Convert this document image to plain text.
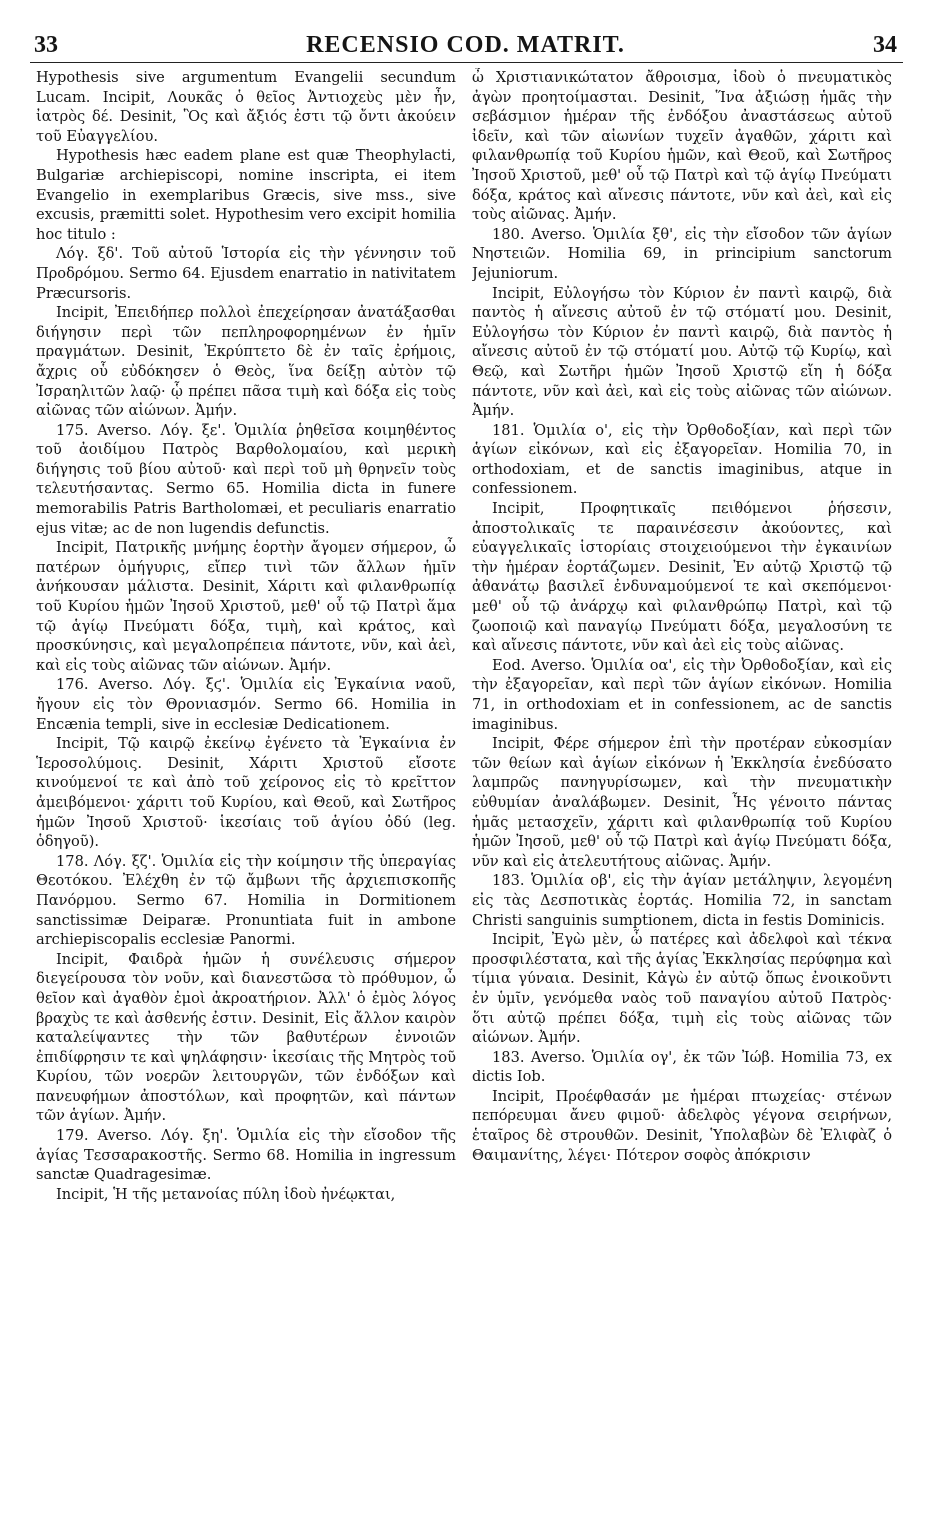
33	RECENSIO COD. MATRIT.	34

Hypothesis sive argumentum Evangelii secundum Lucam. Incipit, Λουκᾶς ὁ θεῖος Ἀντιοχεὺς μὲν ἦν, ἰατρὸς δέ. Desinit, Ὃς καὶ ἄξιός ἐστι τῷ ὄντι ἀκούειν τοῦ Εὐαγγελίου.

Hypothesis hæc eadem plane est quæ Theophylacti, Bulgariæ archiepiscopi, nomine inscripta, ei item Evangelio in exemplaribus Græcis, sive mss., sive excusis, præmitti solet. Hypothesim vero excipit homilia hoc titulo :

Λόγ. ξδ'. Τοῦ αὐτοῦ Ἱστορία εἰς τὴν γέννησιν τοῦ Προδρόμου. Sermo 64. Ejusdem enarratio in nativitatem Præcursoris.

Incipit, Ἐπειδήπερ πολλοὶ ἐπεχείρησαν ἀνατάξασθαι διήγησιν περὶ τῶν πεπληροφορημένων ἐν ἡμῖν πραγμάτων. Desinit, Ἐκρύπτετο δὲ ἐν ταῖς ἐρήμοις, ἄχρις οὗ εὐδόκησεν ὁ Θεὸς, ἵνα δείξῃ αὐτὸν τῷ Ἰσραηλιτῶν λαῷ· ᾧ πρέπει πᾶσα τιμὴ καὶ δόξα εἰς τοὺς αἰῶνας τῶν αἰώνων. Ἀμήν.

175. Averso. Λόγ. ξε'. Ὁμιλία ῥηθεῖσα κοιμηθέντος τοῦ ἀοιδίμου Πατρὸς Βαρθολομαίου, καὶ μερικὴ διήγησις τοῦ βίου αὐτοῦ· καὶ περὶ τοῦ μὴ θρηνεῖν τοὺς τελευτήσαντας. Sermo 65. Homilia dicta in funere memorabilis Patris Bartholomæi, et peculiaris enarratio ejus vitæ; ac de non lugendis defunctis.

Incipit, Πατρικῆς μνήμης ἑορτὴν ἄγομεν σήμερον, ὦ πατέρων ὁμήγυρις, εἴπερ τινὶ τῶν ἄλλων ἡμῖν ἀνήκουσαν μάλιστα. Desinit, Χάριτι καὶ φιλανθρωπίᾳ τοῦ Κυρίου ἡμῶν Ἰησοῦ Χριστοῦ, μεθ' οὗ τῷ Πατρὶ ἅμα τῷ ἁγίῳ Πνεύματι δόξα, τιμὴ, καὶ κράτος, καὶ προσκύνησις, καὶ μεγαλοπρέπεια πάντοτε, νῦν, καὶ ἀεὶ, καὶ εἰς τοὺς αἰῶνας τῶν αἰώνων. Ἀμήν.

176. Averso. Λόγ. ξϛ'. Ὁμιλία εἰς Ἐγκαίνια ναοῦ, ἤγουν εἰς τὸν Θρονιασμόν. Sermo 66. Homilia in Encænia templi, sive in ecclesiæ Dedicationem.

Incipit, Τῷ καιρῷ ἐκείνῳ ἐγένετο τὰ Ἐγκαίνια ἐν Ἱεροσολύμοις. Desinit, Χάριτι Χριστοῦ εἴσοτε κινούμενοί τε καὶ ἀπὸ τοῦ χείρονος εἰς τὸ κρεῖττον ἀμειβόμενοι· χάριτι τοῦ Κυρίου, καὶ Θεοῦ, καὶ Σωτῆρος ἡμῶν Ἰησοῦ Χριστοῦ· ἱκεσίαις τοῦ ἁγίου ὀδύ (leg. ὁδηγοῦ).

178. Λόγ. ξζ'. Ὁμιλία εἰς τὴν κοίμησιν τῆς ὑπεραγίας Θεοτόκου. Ἐλέχθη ἐν τῷ ἄμβωνι τῆς ἀρχιεπισκοπῆς Πανόρμου. Sermo 67. Homilia in Dormitionem sanctissimæ Deiparæ. Pronuntiata fuit in ambone archiepiscopalis ecclesiæ Panormi.

Incipit, Φαιδρὰ ἡμῶν ἡ συνέλευσις σήμερον διεγείρουσα τὸν νοῦν, καὶ διανεστῶσα τὸ πρόθυμον, ὦ θεῖον καὶ ἀγαθὸν ἐμοὶ ἀκροατήριον. Ἀλλ' ὁ ἐμὸς λόγος βραχὺς τε καὶ ἀσθενής ἐστιν. Desinit, Εἰς ἄλλον καιρὸν καταλείψαντες τὴν τῶν βαθυτέρων ἐννοιῶν ἐπιδίφρησιν τε καὶ ψηλάφησιν· ἱκεσίαις τῆς Μητρὸς τοῦ Κυρίου, τῶν νοερῶν λειτουργῶν, τῶν ἐνδόξων καὶ πανευφήμων ἀποστόλων, καὶ προφητῶν, καὶ πάντων τῶν ἁγίων. Ἀμήν.

179. Averso. Λόγ. ξη'. Ὁμιλία εἰς τὴν εἴσοδον τῆς ἁγίας Τεσσαρακοστῆς. Sermo 68. Homilia in ingressum sanctæ Quadragesimæ.

Incipit, Ἡ τῆς μετανοίας πύλη ἰδοὺ ἠνέῳκται,

ὦ Χριστιανικώτατον ἄθροισμα, ἰδοὺ ὁ πνευματικὸς ἀγὼν προητοίμασται. Desinit, Ἵνα ἀξιώσῃ ἡμᾶς τὴν σεβάσμιον ἡμέραν τῆς ἐνδόξου ἀναστάσεως αὐτοῦ ἰδεῖν, καὶ τῶν αἰωνίων τυχεῖν ἀγαθῶν, χάριτι καὶ φιλανθρωπίᾳ τοῦ Κυρίου ἡμῶν, καὶ Θεοῦ, καὶ Σωτῆρος Ἰησοῦ Χριστοῦ, μεθ' οὗ τῷ Πατρὶ καὶ τῷ ἁγίῳ Πνεύματι δόξα, κράτος καὶ αἴνεσις πάντοτε, νῦν καὶ ἀεὶ, καὶ εἰς τοὺς αἰῶνας. Ἀμήν.

180. Averso. Ὁμιλία ξθ', εἰς τὴν εἴσοδον τῶν ἁγίων Νηστειῶν. Homilia 69, in principium sanctorum Jejuniorum.

Incipit, Εὐλογήσω τὸν Κύριον ἐν παντὶ καιρῷ, διὰ παντὸς ἡ αἴνεσις αὐτοῦ ἐν τῷ στόματί μου. Desinit, Εὐλογήσω τὸν Κύριον ἐν παντὶ καιρῷ, διὰ παντὸς ἡ αἴνεσις αὐτοῦ ἐν τῷ στόματί μου. Αὐτῷ τῷ Κυρίῳ, καὶ Θεῷ, καὶ Σωτῆρι ἡμῶν Ἰησοῦ Χριστῷ εἴη ἡ δόξα πάντοτε, νῦν καὶ ἀεὶ, καὶ εἰς τοὺς αἰῶνας τῶν αἰώνων. Ἀμήν.

181. Ὁμιλία ο', εἰς τὴν Ὀρθοδοξίαν, καὶ περὶ τῶν ἁγίων εἰκόνων, καὶ εἰς ἐξαγορεῖαν. Homilia 70, in orthodoxiam, et de sanctis imaginibus, atque in confessionem.

Incipit, Προφητικαῖς πειθόμενοι ῥήσεσιν, ἀποστολικαῖς τε παραινέσεσιν ἀκούοντες, καὶ εὐαγγελικαῖς ἱστορίαις στοιχειούμενοι τὴν ἐγκαινίων τὴν ἡμέραν ἑορτάζωμεν. Desinit, Ἐν αὐτῷ Χριστῷ τῷ ἀθανάτῳ βασιλεῖ ἐνδυναμούμενοί τε καὶ σκεπόμενοι· μεθ' οὗ τῷ ἀνάρχῳ καὶ φιλανθρώπῳ Πατρὶ, καὶ τῷ ζωοποιῷ καὶ παναγίῳ Πνεύματι δόξα, μεγαλοσύνη τε καὶ αἴνεσις πάντοτε, νῦν καὶ ἀεὶ εἰς τοὺς αἰῶνας.

Eod. Averso. Ὁμιλία οα', εἰς τὴν Ὀρθοδοξίαν, καὶ εἰς τὴν ἐξαγορεῖαν, καὶ περὶ τῶν ἁγίων εἰκόνων. Homilia 71, in orthodoxiam et in confessionem, ac de sanctis imaginibus.

Incipit, Φέρε σήμερον ἐπὶ τὴν προτέραν εὐκοσμίαν τῶν θείων καὶ ἁγίων εἰκόνων ἡ Ἐκκλησία ἐνεδύσατο λαμπρῶς πανηγυρίσωμεν, καὶ τὴν πνευματικὴν εὐθυμίαν ἀναλάβωμεν. Desinit, Ἧς γένοιτο πάντας ἡμᾶς μετασχεῖν, χάριτι καὶ φιλανθρωπίᾳ τοῦ Κυρίου ἡμῶν Ἰησοῦ, μεθ' οὗ τῷ Πατρὶ καὶ ἁγίῳ Πνεύματι δόξα, νῦν καὶ εἰς ἀτελευτήτους αἰῶνας. Ἀμήν.

183. Ὁμιλία οβ', εἰς τὴν ἁγίαν μετάληψιν, λεγομένη εἰς τὰς Δεσποτικὰς ἑορτάς. Homilia 72, in sanctam Christi sanguinis sumptionem, dicta in festis Dominicis.

Incipit, Ἐγὼ μὲν, ὦ πατέρες καὶ ἀδελφοὶ καὶ τέκνα προσφιλέστατα, καὶ τῆς ἁγίας Ἐκκλησίας περύφημα καὶ τίμια γύναια. Desinit, Κἀγὼ ἐν αὐτῷ ὅπως ἐνοικοῦντι ἐν ὑμῖν, γενόμεθα ναὸς τοῦ παναγίου αὐτοῦ Πατρὸς· ὅτι αὐτῷ πρέπει δόξα, τιμὴ εἰς τοὺς αἰῶνας τῶν αἰώνων. Ἀμήν.

183. Averso. Ὁμιλία ογ', ἐκ τῶν Ἰώβ. Homilia 73, ex dictis Iob.

Incipit, Προέφθασάν με ἡμέραι πτωχείας· στένων πεπόρευμαι ἄνευ φιμοῦ· ἀδελφὸς γέγονα σειρήνων, ἑταῖρος δὲ στρουθῶν. Desinit, Ὑπολαβὼν δὲ Ἐλιφὰζ ὁ Θαιμανίτης, λέγει· Πότερον σοφὸς ἀπόκρισιν
